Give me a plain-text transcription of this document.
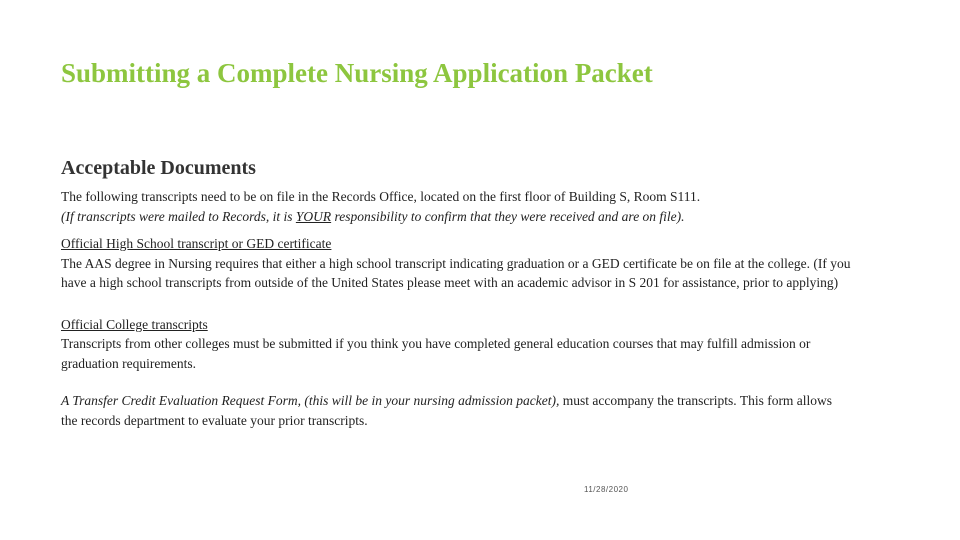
Submitting a Complete Nursing Application Packet
Acceptable Documents

The following transcripts need to be on file in the Records Office, located on the first floor of Building S, Room S111.

(If transcripts were mailed to Records, it is YOUR responsibility to confirm that they were received and are on file).

Official High School transcript or GED certificate

The AAS degree in Nursing requires that either a high school transcript indicating graduation or a GED certificate be on file at the college. (If you have a high school transcripts from outside of the United States please meet with an academic advisor in S 201 for assistance, prior to applying)

Official College transcripts

Transcripts from other colleges must be submitted if you think you have completed general education courses that may fulfill admission or graduation requirements.

A Transfer Credit Evaluation Request Form, (this will be in your nursing admission packet), must accompany the transcripts. This form allows the records department to evaluate your prior transcripts.

11/28/2020
